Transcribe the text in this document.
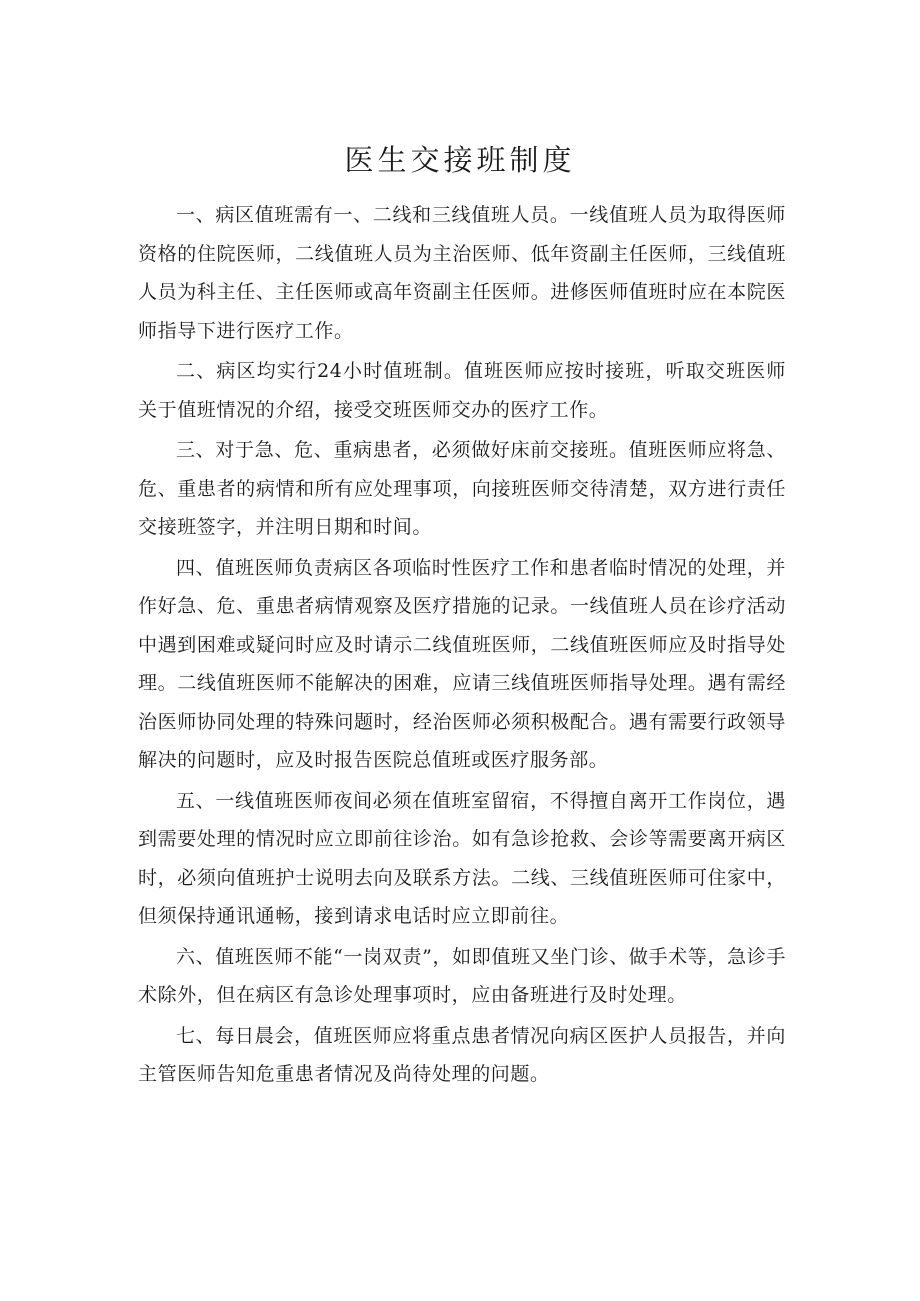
医生交接班制度

一、病区值班需有一、二线和三线值班人员。一线值班人员为取得医师资格的住院医师，二线值班人员为主治医师、低年资副主任医师，三线值班人员为科主任、主任医师或高年资副主任医师。进修医师值班时应在本院医师指导下进行医疗工作。

二、病区均实行24小时值班制。值班医师应按时接班，听取交班医师关于值班情况的介绍，接受交班医师交办的医疗工作。

三、对于急、危、重病患者，必须做好床前交接班。值班医师应将急、危、重患者的病情和所有应处理事项，向接班医师交待清楚，双方进行责任交接班签字，并注明日期和时间。

四、值班医师负责病区各项临时性医疗工作和患者临时情况的处理，并作好急、危、重患者病情观察及医疗措施的记录。一线值班人员在诊疗活动中遇到困难或疑问时应及时请示二线值班医师，二线值班医师应及时指导处理。二线值班医师不能解决的困难，应请三线值班医师指导处理。遇有需经治医师协同处理的特殊问题时，经治医师必须积极配合。遇有需要行政领导解决的问题时，应及时报告医院总值班或医疗服务部。

五、一线值班医师夜间必须在值班室留宿，不得擅自离开工作岗位，遇到需要处理的情况时应立即前往诊治。如有急诊抢救、会诊等需要离开病区时，必须向值班护士说明去向及联系方法。二线、三线值班医师可住家中，但须保持通讯通畅，接到请求电话时应立即前往。

六、值班医师不能“一岗双责”，如即值班又坐门诊、做手术等，急诊手术除外，但在病区有急诊处理事项时，应由备班进行及时处理。

七、每日晨会，值班医师应将重点患者情况向病区医护人员报告，并向主管医师告知危重患者情况及尚待处理的问题。
